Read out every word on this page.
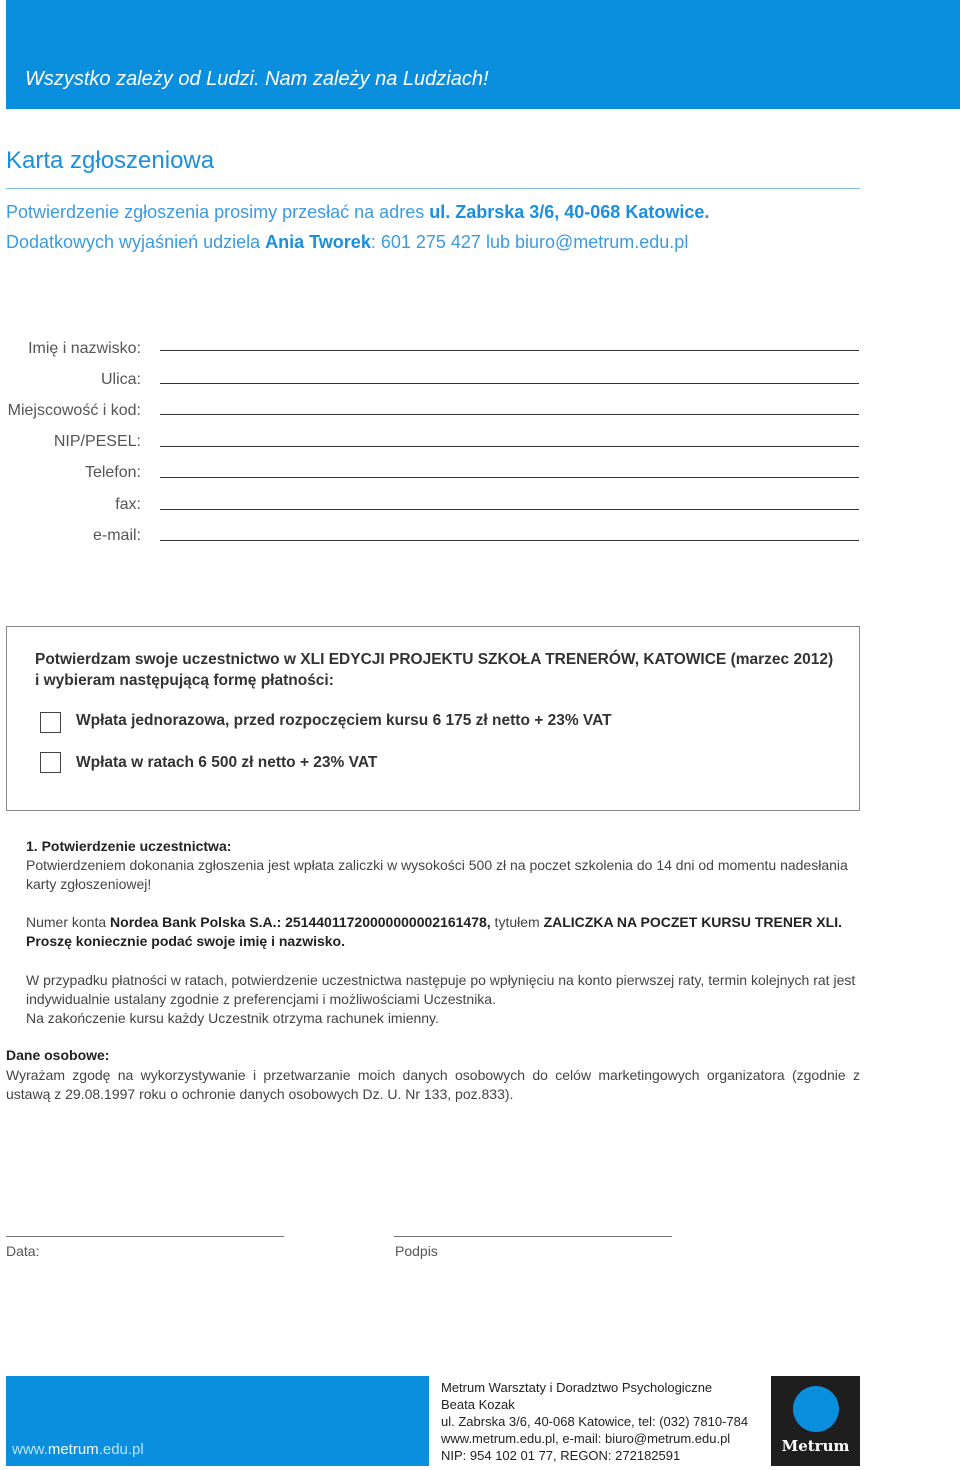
Wszystko zależy od Ludzi. Nam zależy na Ludziach!
Karta zgłoszeniowa
Potwierdzenie zgłoszenia prosimy przesłać na adres ul. Zabrska 3/6, 40-068 Katowice.
Dodatkowych wyjaśnień udziela Ania Tworek: 601 275 427 lub biuro@metrum.edu.pl
Imię i nazwisko:
Ulica:
Miejscowość i kod:
NIP/PESEL:
Telefon:
fax:
e-mail:
Potwierdzam swoje uczestnictwo w XLI EDYCJI PROJEKTU SZKOŁA TRENERÓW, KATOWICE (marzec 2012)
i wybieram następującą formę płatności:
Wpłata jednorazowa, przed rozpoczęciem kursu 6 175 zł netto + 23% VAT
Wpłata w ratach 6 500 zł netto + 23% VAT
1. Potwierdzenie uczestnictwa:
Potwierdzeniem dokonania zgłoszenia jest wpłata zaliczki w wysokości 500 zł na poczet szkolenia do 14 dni od momentu nadesłania karty zgłoszeniowej!
Numer konta Nordea Bank Polska S.A.: 25144011720000000002161478, tytułem ZALICZKA NA POCZET KURSU TRENER XLI. Proszę koniecznie podać swoje imię i nazwisko.
W przypadku płatności w ratach, potwierdzenie uczestnictwa następuje po wpłynięciu na konto pierwszej raty, termin kolejnych rat jest indywidualnie ustalany zgodnie z preferencjami i możliwościami Uczestnika.
Na zakończenie kursu każdy Uczestnik otrzyma rachunek imienny.
Dane osobowe:
Wyrażam zgodę na wykorzystywanie i przetwarzanie moich danych osobowych do celów marketingowych organizatora (zgodnie z ustawą z 29.08.1997 roku o ochronie danych osobowych Dz. U. Nr 133, poz.833).
Data:	Podpis
www.metrum.edu.pl
Metrum Warsztaty i Doradztwo Psychologiczne
Beata Kozak
ul. Zabrska 3/6, 40-068 Katowice, tel: (032) 7810-784
www.metrum.edu.pl, e-mail: biuro@metrum.edu.pl
NIP: 954 102 01 77, REGON: 272182591
Metrum
